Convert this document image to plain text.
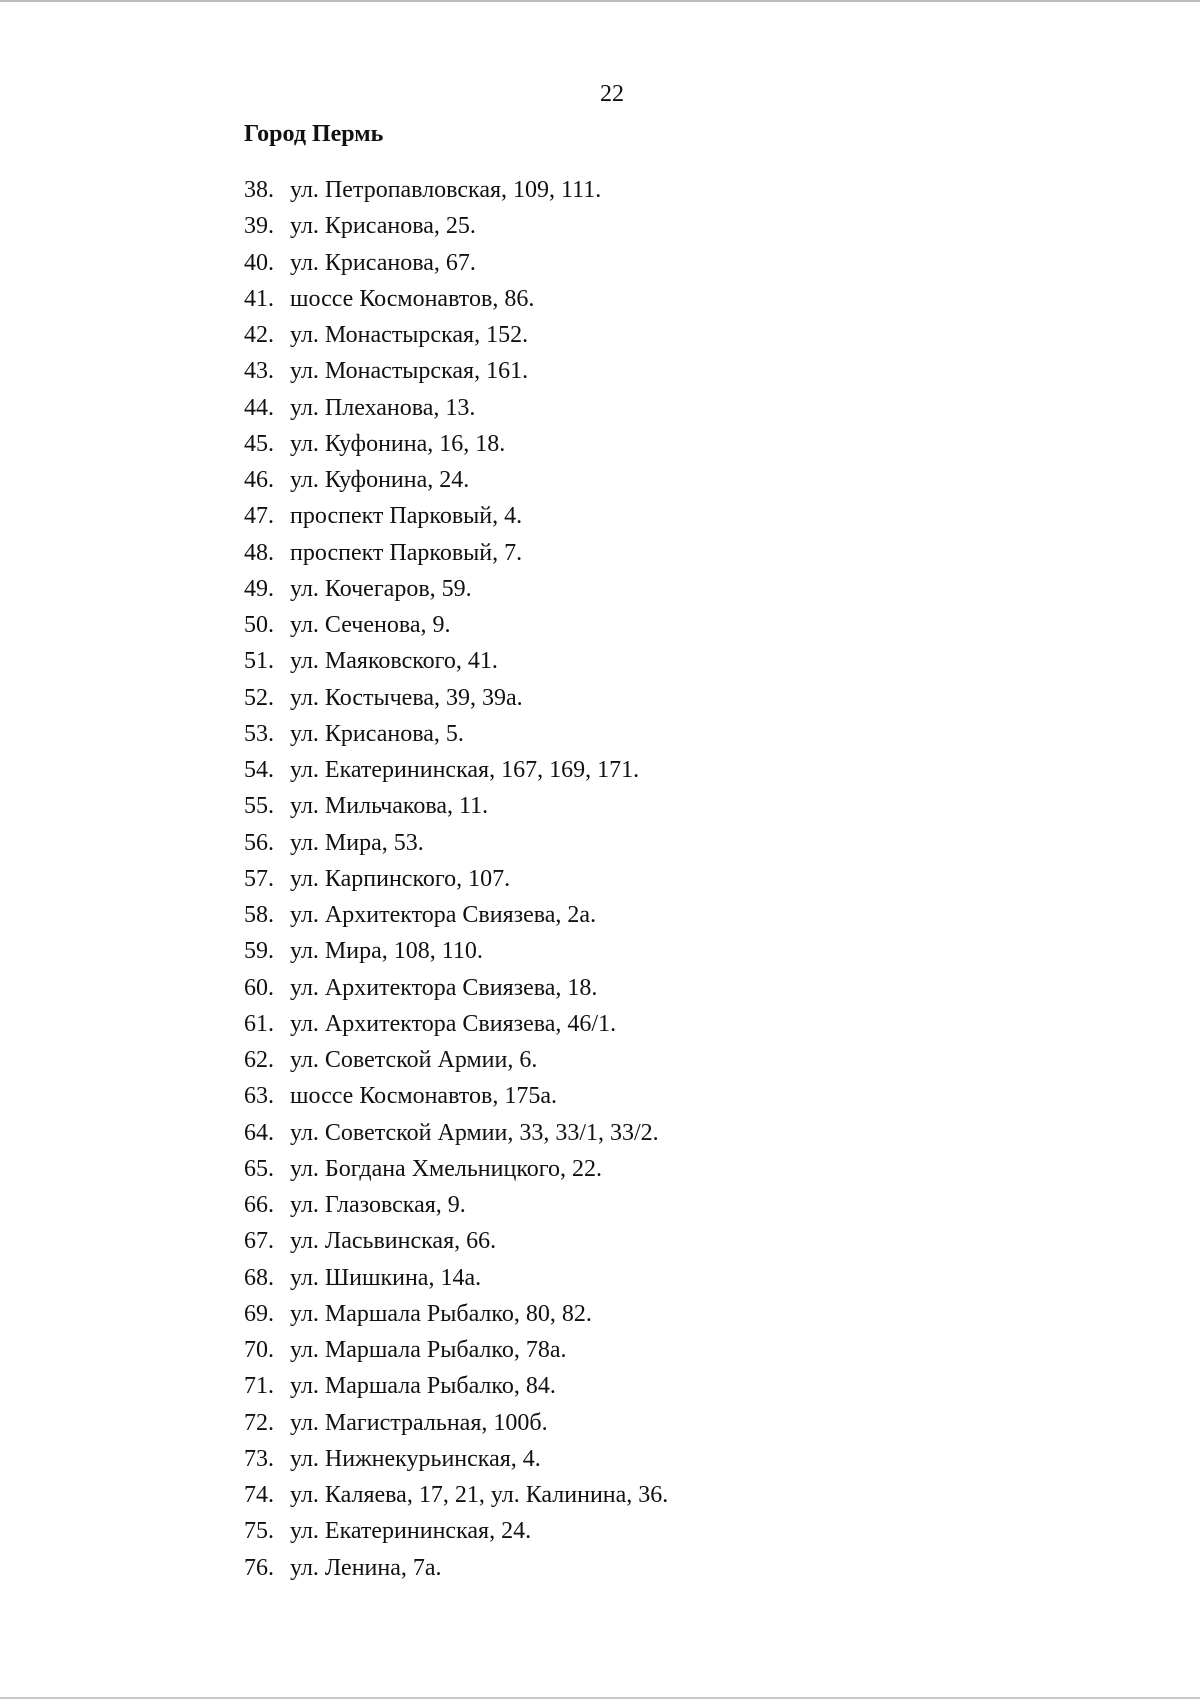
22
Город Пермь
38. ул. Петропавловская, 109, 111.
39. ул. Крисанова, 25.
40. ул. Крисанова, 67.
41. шоссе Космонавтов, 86.
42. ул. Монастырская, 152.
43. ул. Монастырская, 161.
44. ул. Плеханова, 13.
45. ул. Куфонина, 16, 18.
46. ул. Куфонина, 24.
47. проспект Парковый, 4.
48. проспект Парковый, 7.
49. ул. Кочегаров, 59.
50. ул. Сеченова, 9.
51. ул. Маяковского, 41.
52. ул. Костычева, 39, 39а.
53. ул. Крисанова, 5.
54. ул. Екатерининская, 167, 169, 171.
55. ул. Мильчакова, 11.
56. ул. Мира, 53.
57. ул. Карпинского, 107.
58. ул. Архитектора Свиязева, 2а.
59. ул. Мира, 108, 110.
60. ул. Архитектора Свиязева, 18.
61. ул. Архитектора Свиязева, 46/1.
62. ул. Советской Армии, 6.
63. шоссе Космонавтов, 175а.
64. ул. Советской Армии, 33, 33/1, 33/2.
65. ул. Богдана Хмельницкого, 22.
66. ул. Глазовская, 9.
67. ул. Ласьвинская, 66.
68. ул. Шишкина, 14а.
69. ул. Маршала Рыбалко, 80, 82.
70. ул. Маршала Рыбалко, 78а.
71. ул. Маршала Рыбалко, 84.
72. ул. Магистральная, 100б.
73. ул. Нижнекурьинская, 4.
74. ул. Каляева, 17, 21, ул. Калинина, 36.
75. ул. Екатерининская, 24.
76. ул. Ленина, 7а.
